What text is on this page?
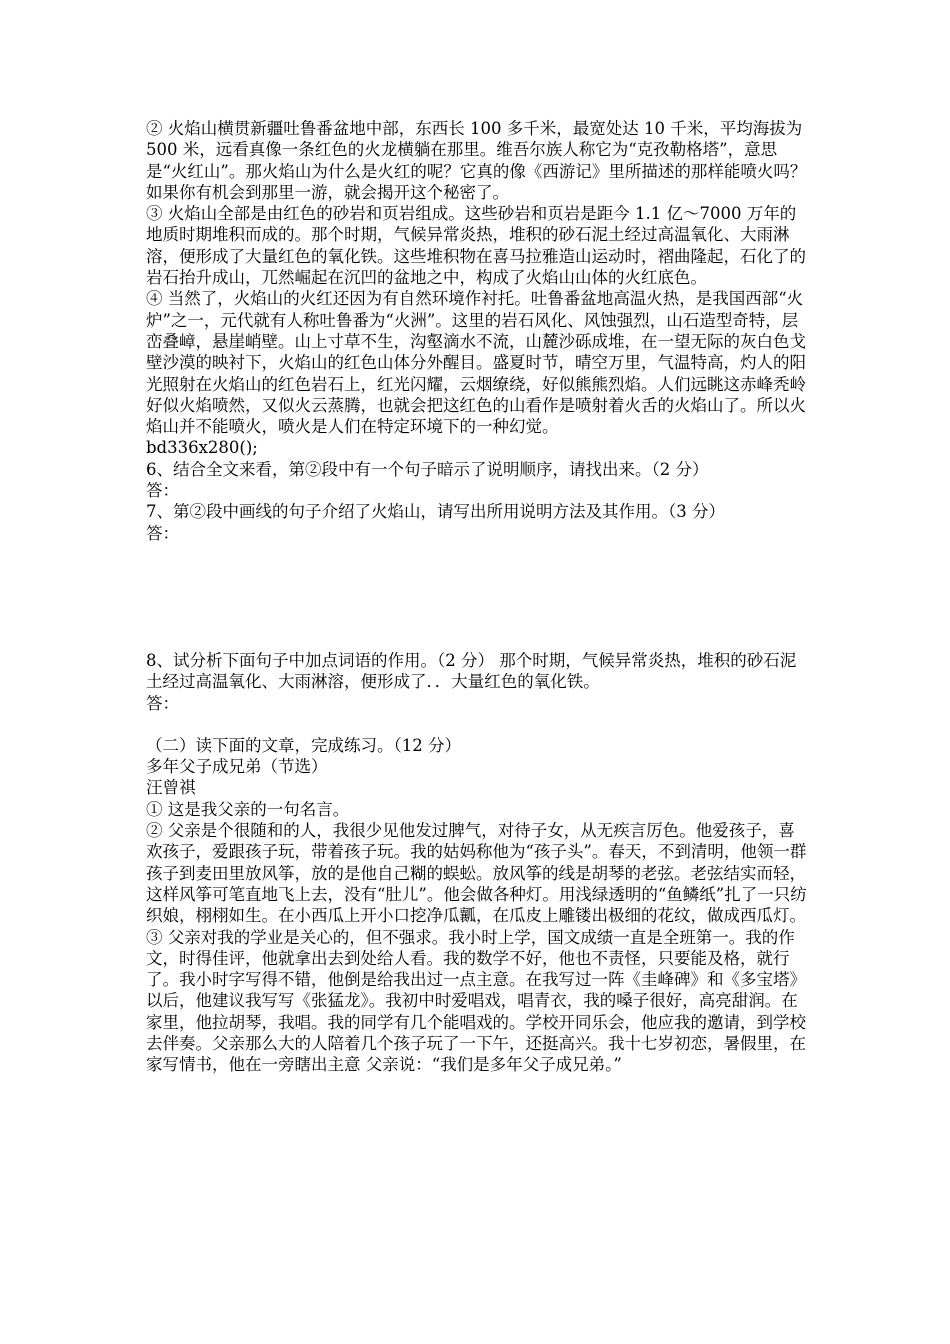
② 火焰山横贯新疆吐鲁番盆地中部，东西长 100 多千米，最宽处达 10 千米，平均海拔为 500 米，远看真像一条红色的火龙横躺在那里。维吾尔族人称它为“克孜勒格塔”，意思是“火红山”。那火焰山为什么是火红的呢？它真的像《西游记》里所描述的那样能喷火吗？如果你有机会到那里一游，就会揭开这个秘密了。

③ 火焰山全部是由红色的砂岩和页岩组成。这些砂岩和页岩是距今 1.1 亿～7000 万年的地质时期堆积而成的。那个时期，气候异常炎热，堆积的砂石泥土经过高温氧化、大雨淋溶，便形成了大量红色的氧化铁。这些堆积物在喜马拉雅造山运动时，褶曲隆起，石化了的岩石抬升成山，兀然崛起在沉凹的盆地之中，构成了火焰山山体的火红底色。

④ 当然了，火焰山的火红还因为有自然环境作衬托。吐鲁番盆地高温火热，是我国西部“火炉”之一，元代就有人称吐鲁番为“火洲”。这里的岩石风化、风蚀强烈，山石造型奇特，层峦叠嶂，悬崖峭壁。山上寸草不生，沟壑滴水不流，山麓沙砾成堆，在一望无际的灰白色戈壁沙漠的映衬下，火焰山的红色山体分外醒目。盛夏时节，晴空万里，气温特高，灼人的阳光照射在火焰山的红色岩石上，红光闪耀，云烟缭绕，好似熊熊烈焰。人们远眺这赤峰秃岭好似火焰喷然，又似火云蒸腾，也就会把这红色的山看作是喷射着火舌的火焰山了。所以火焰山并不能喷火，喷火是人们在特定环境下的一种幻觉。

bd336x280();

6、结合全文来看，第②段中有一个句子暗示了说明顺序，请找出来。（2 分）

答：

7、第②段中画线的句子介绍了火焰山，请写出所用说明方法及其作用。（3 分）

答：

8、试分析下面句子中加点词语的作用。（2 分） 那个时期，气候异常炎热，堆积的砂石泥土经过高温氧化、大雨淋溶，便形成了．．大量红色的氧化铁。

答：

（二）读下面的文章，完成练习。（12 分）

多年父子成兄弟（节选）

汪曾祺

① 这是我父亲的一句名言。

② 父亲是个很随和的人，我很少见他发过脾气，对待子女，从无疾言厉色。他爱孩子，喜欢孩子，爱跟孩子玩，带着孩子玩。我的姑妈称他为“孩子头”。春天，不到清明，他领一群孩子到麦田里放风筝，放的是他自己糊的蜈蚣。放风筝的线是胡琴的老弦。老弦结实而轻，这样风筝可笔直地飞上去，没有“肚儿”。他会做各种灯。用浅绿透明的“鱼鳞纸”扎了一只纺织娘，栩栩如生。在小西瓜上开小口挖净瓜瓤，在瓜皮上雕镂出极细的花纹，做成西瓜灯。

③ 父亲对我的学业是关心的，但不强求。我小时上学，国文成绩一直是全班第一。我的作文，时得佳评，他就拿出去到处给人看。我的数学不好，他也不责怪，只要能及格，就行了。我小时字写得不错，他倒是给我出过一点主意。在我写过一阵《圭峰碑》和《多宝塔》以后，他建议我写写《张猛龙》。我初中时爱唱戏，唱青衣，我的嗓子很好，高亮甜润。在家里，他拉胡琴，我唱。我的同学有几个能唱戏的。学校开同乐会，他应我的邀请，到学校去伴奏。父亲那么大的人陪着几个孩子玩了一下午，还挺高兴。我十七岁初恋，暑假里，在家写情书，他在一旁瞎出主意 父亲说：“我们是多年父子成兄弟。”
